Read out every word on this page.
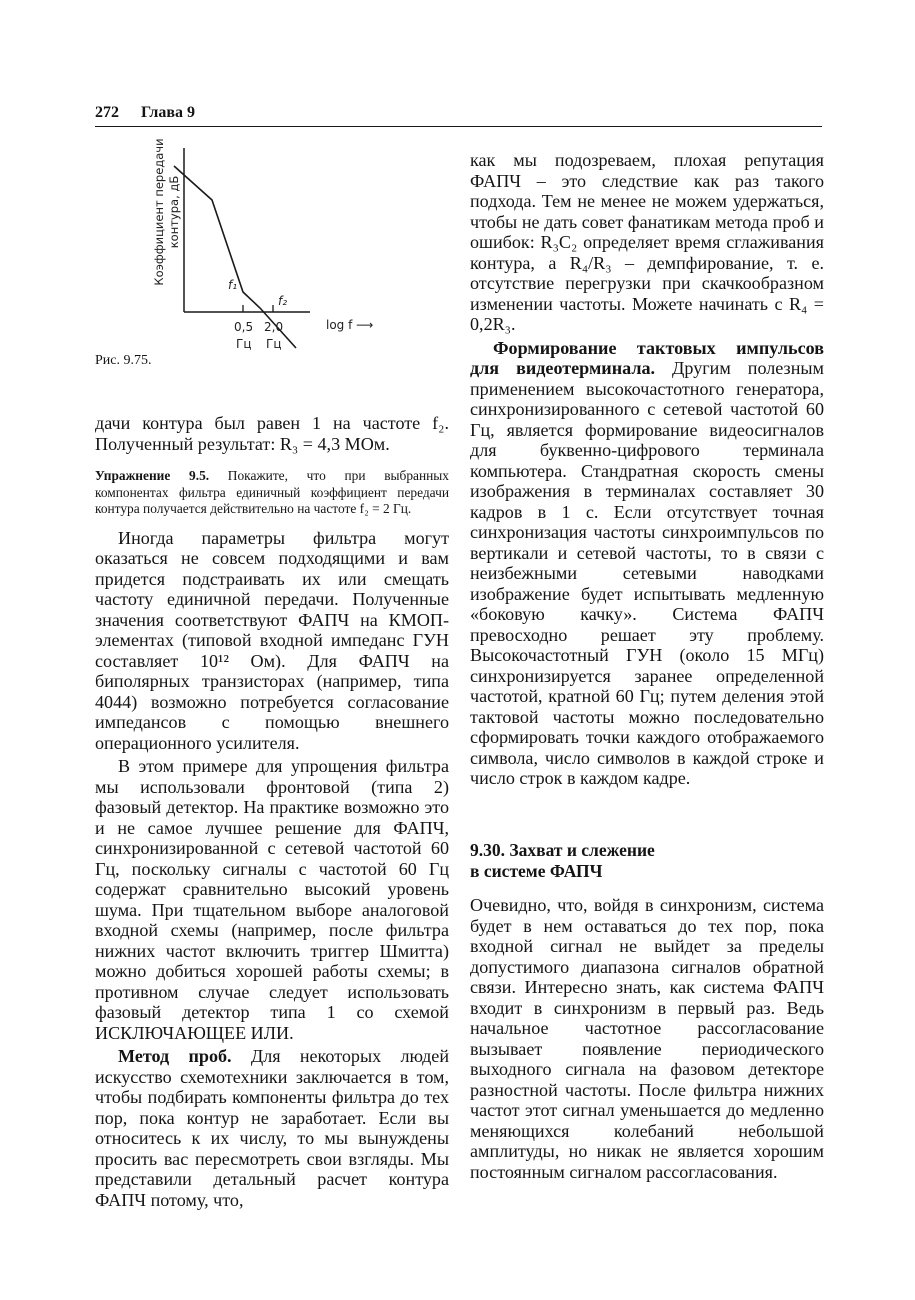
272 Глава 9
Коэффициент передачи контура, дБ
f₁
f₂
0,5 2,0
Гц Гц
log f ⟶
Рис. 9.75.

дачи контура был равен 1 на частоте f₂. Полученный результат: R₃ = 4,3 МОм.

Упражнение 9.5. Покажите, что при выбранных компонентах фильтра единичный коэффициент передачи контура получается действительно на частоте f₂ = 2 Гц.

Иногда параметры фильтра могут оказаться не совсем подходящими и вам придется подстраивать их или смещать частоту единичной передачи. Полученные значения соответствуют ФАПЧ на КМОП-элементах (типовой входной импеданс ГУН составляет 10¹² Ом). Для ФАПЧ на биполярных транзисторах (например, типа 4044) возможно потребуется согласование импедансов с помощью внешнего операционного усилителя.

В этом примере для упрощения фильтра мы использовали фронтовой (типа 2) фазовый детектор. На практике возможно это и не самое лучшее решение для ФАПЧ, синхронизированной с сетевой частотой 60 Гц, поскольку сигналы с частотой 60 Гц содержат сравнительно высокий уровень шума. При тщательном выборе аналоговой входной схемы (например, после фильтра нижних частот включить триггер Шмитта) можно добиться хорошей работы схемы; в противном случае следует использовать фазовый детектор типа 1 со схемой ИСКЛЮЧАЮЩЕЕ ИЛИ.

Метод проб. Для некоторых людей искусство схемотехники заключается в том, чтобы подбирать компоненты фильтра до тех пор, пока контур не заработает. Если вы относитесь к их числу, то мы вынуждены просить вас пересмотреть свои взгляды. Мы представили детальный расчет контура ФАПЧ потому, что,

как мы подозреваем, плохая репутация ФАПЧ – это следствие как раз такого подхода. Тем не менее не можем удержаться, чтобы не дать совет фанатикам метода проб и ошибок: R₃C₂ определяет время сглаживания контура, а R₄/R₃ – демпфирование, т. е. отсутствие перегрузки при скачкообразном изменении частоты. Можете начинать с R₄ = 0,2R₃.

Формирование тактовых импульсов для видеотерминала. Другим полезным применением высокочастотного генератора, синхронизированного с сетевой частотой 60 Гц, является формирование видеосигналов для буквенно-цифрового терминала компьютера. Стандратная скорость смены изображения в терминалах составляет 30 кадров в 1 с. Если отсутствует точная синхронизация частоты синхроимпульсов по вертикали и сетевой частоты, то в связи с неизбежными сетевыми наводками изображение будет испытывать медленную «боковую качку». Система ФАПЧ превосходно решает эту проблему. Высокочастотный ГУН (около 15 МГц) синхронизируется заранее определенной частотой, кратной 60 Гц; путем деления этой тактовой частоты можно последовательно сформировать точки каждого отображаемого символа, число символов в каждой строке и число строк в каждом кадре.

9.30. Захват и слежение
в системе ФАПЧ

Очевидно, что, войдя в синхронизм, система будет в нем оставаться до тех пор, пока входной сигнал не выйдет за пределы допустимого диапазона сигналов обратной связи. Интересно знать, как система ФАПЧ входит в синхронизм в первый раз. Ведь начальное частотное рассогласование вызывает появление периодического выходного сигнала на фазовом детекторе разностной частоты. После фильтра нижних частот этот сигнал уменьшается до медленно меняющихся колебаний небольшой амплитуды, но никак не является хорошим постоянным сигналом рассогласования.
